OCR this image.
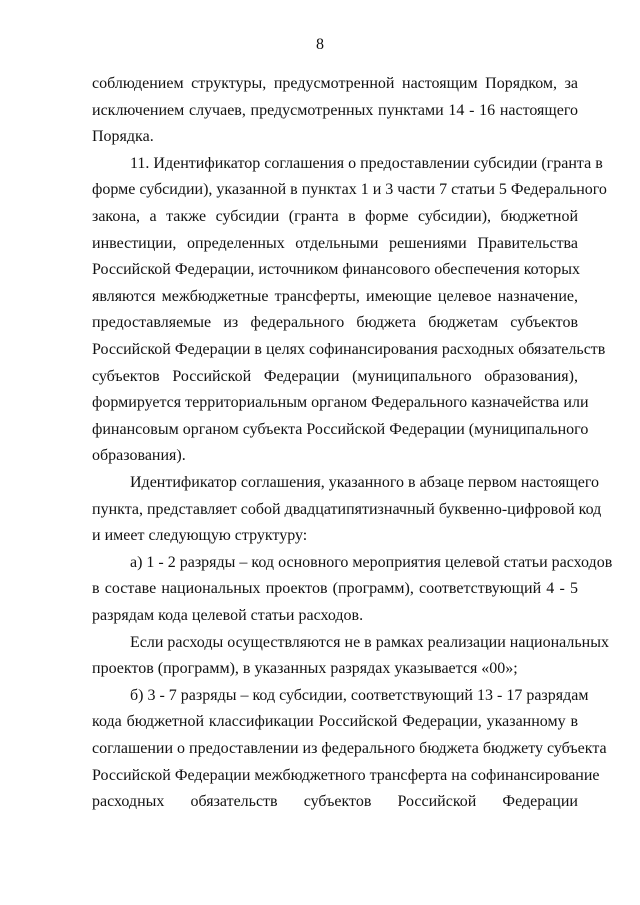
8
соблюдением структуры, предусмотренной настоящим Порядком, за
исключением случаев, предусмотренных пунктами 14 - 16 настоящего
Порядка.
11. Идентификатор соглашения о предоставлении субсидии (гранта в
форме субсидии), указанной в пунктах 1 и 3 части 7 статьи 5 Федерального
закона, а также субсидии (гранта в форме субсидии), бюджетной
инвестиции, определенных отдельными решениями Правительства
Российской Федерации, источником финансового обеспечения которых
являются межбюджетные трансферты, имеющие целевое назначение,
предоставляемые из федерального бюджета бюджетам субъектов
Российской Федерации в целях софинансирования расходных обязательств
субъектов Российской Федерации (муниципального образования),
формируется территориальным органом Федерального казначейства или
финансовым органом субъекта Российской Федерации (муниципального
образования).
Идентификатор соглашения, указанного в абзаце первом настоящего
пункта, представляет собой двадцатипятизначный буквенно-цифровой код
и имеет следующую структуру:
а) 1 - 2 разряды – код основного мероприятия целевой статьи расходов
в составе национальных проектов (программ), соответствующий 4 - 5
разрядам кода целевой статьи расходов.
Если расходы осуществляются не в рамках реализации национальных
проектов (программ), в указанных разрядах указывается «00»;
б) 3 - 7 разряды – код субсидии, соответствующий 13 - 17 разрядам
кода бюджетной классификации Российской Федерации, указанному в
соглашении о предоставлении из федерального бюджета бюджету субъекта
Российской Федерации межбюджетного трансферта на софинансирование
расходных обязательств субъектов Российской Федерации
